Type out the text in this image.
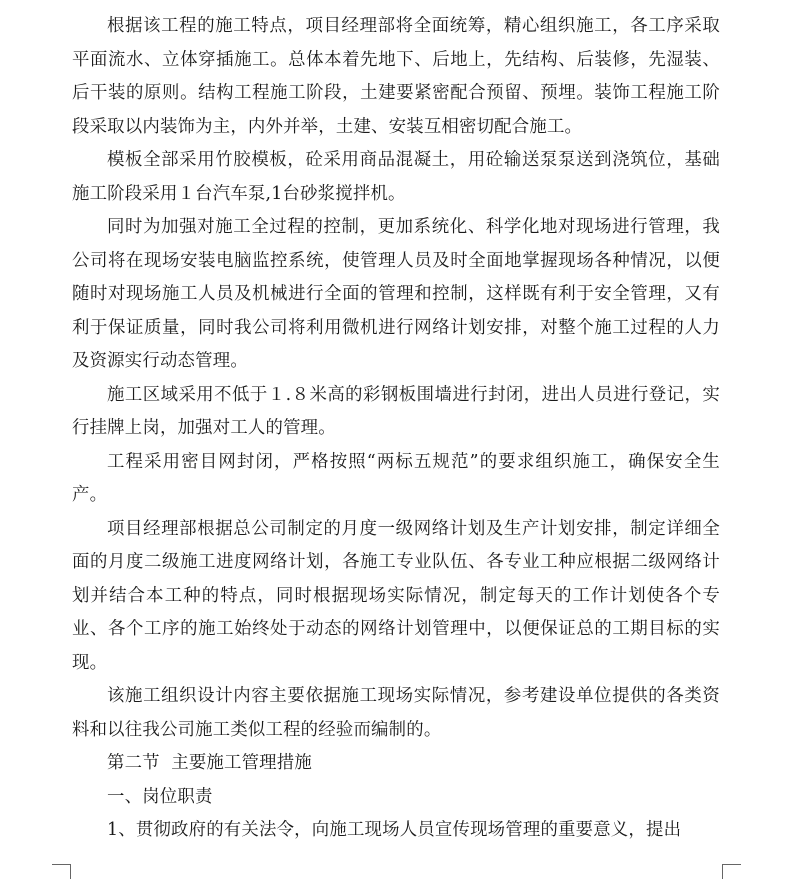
根据该工程的施工特点，项目经理部将全面统筹，精心组织施工，各工序采取平面流水、立体穿插施工。总体本着先地下、后地上，先结构、后装修，先湿装、后干装的原则。结构工程施工阶段，土建要紧密配合预留、预埋。装饰工程施工阶段采取以内装饰为主，内外并举，土建、安装互相密切配合施工。

模板全部采用竹胶模板，砼采用商品混凝土，用砼输送泵泵送到浇筑位，基础施工阶段采用１台汽车泵,1台砂浆搅拌机。

同时为加强对施工全过程的控制，更加系统化、科学化地对现场进行管理，我公司将在现场安装电脑监控系统，使管理人员及时全面地掌握现场各种情况，以便随时对现场施工人员及机械进行全面的管理和控制，这样既有利于安全管理，又有利于保证质量，同时我公司将利用微机进行网络计划安排，对整个施工过程的人力及资源实行动态管理。

施工区域采用不低于１.８米高的彩钢板围墙进行封闭，进出人员进行登记，实行挂牌上岗，加强对工人的管理。

工程采用密目网封闭，严格按照“两标五规范”的要求组织施工，确保安全生产。

项目经理部根据总公司制定的月度一级网络计划及生产计划安排，制定详细全面的月度二级施工进度网络计划，各施工专业队伍、各专业工种应根据二级网络计划并结合本工种的特点，同时根据现场实际情况，制定每天的工作计划使各个专业、各个工序的施工始终处于动态的网络计划管理中，以便保证总的工期目标的实现。

该施工组织设计内容主要依据施工现场实际情况，参考建设单位提供的各类资料和以往我公司施工类似工程的经验而编制的。

第二节  主要施工管理措施

一、岗位职责

1、贯彻政府的有关法令，向施工现场人员宣传现场管理的重要意义，提出
